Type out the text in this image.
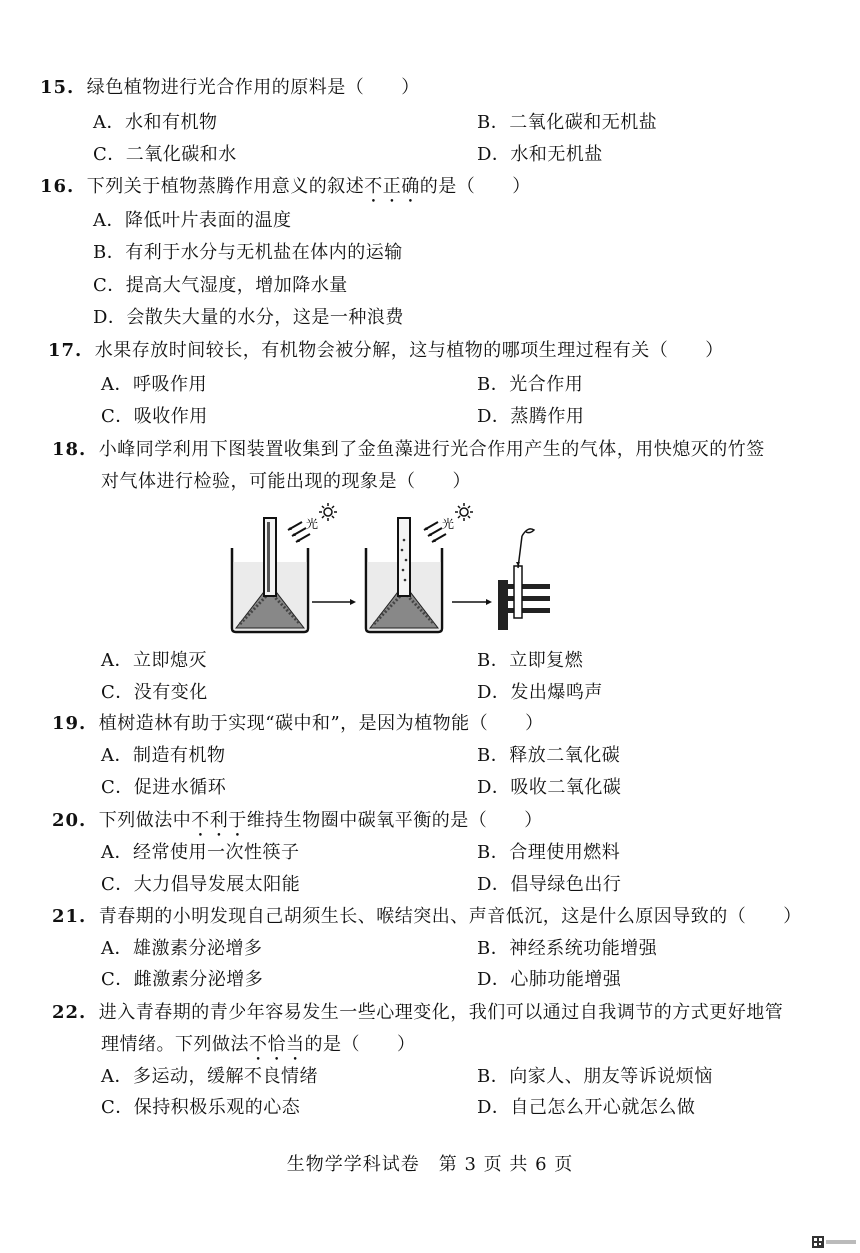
15. 绿色植物进行光合作用的原料是（　　）
A．水和有机物	B．二氧化碳和无机盐
C．二氧化碳和水	D．水和无机盐
16. 下列关于植物蒸腾作用意义的叙述不正确的是（　　）
A．降低叶片表面的温度
B．有利于水分与无机盐在体内的运输
C．提高大气湿度，增加降水量
D．会散失大量的水分，这是一种浪费
17. 水果存放时间较长，有机物会被分解，这与植物的哪项生理过程有关（　　）
A．呼吸作用	B．光合作用
C．吸收作用	D．蒸腾作用
18. 小峰同学利用下图装置收集到了金鱼藻进行光合作用产生的气体，用快熄灭的竹签
对气体进行检验，可能出现的现象是（　　）
光	光
A．立即熄灭	B．立即复燃
C．没有变化	D．发出爆鸣声
19. 植树造林有助于实现“碳中和”，是因为植物能（　　）
A．制造有机物	B．释放二氧化碳
C．促进水循环	D．吸收二氧化碳
20. 下列做法中不利于维持生物圈中碳氧平衡的是（　　）
A．经常使用一次性筷子	B．合理使用燃料
C．大力倡导发展太阳能	D．倡导绿色出行
21. 青春期的小明发现自己胡须生长、喉结突出、声音低沉，这是什么原因导致的（　　）
A．雄激素分泌增多	B．神经系统功能增强
C．雌激素分泌增多	D．心肺功能增强
22. 进入青春期的青少年容易发生一些心理变化，我们可以通过自我调节的方式更好地管
理情绪。下列做法不恰当的是（　　）
A．多运动，缓解不良情绪	B．向家人、朋友等诉说烦恼
C．保持积极乐观的心态	D．自己怎么开心就怎么做
生物学学科试卷　第 3 页 共 6 页
